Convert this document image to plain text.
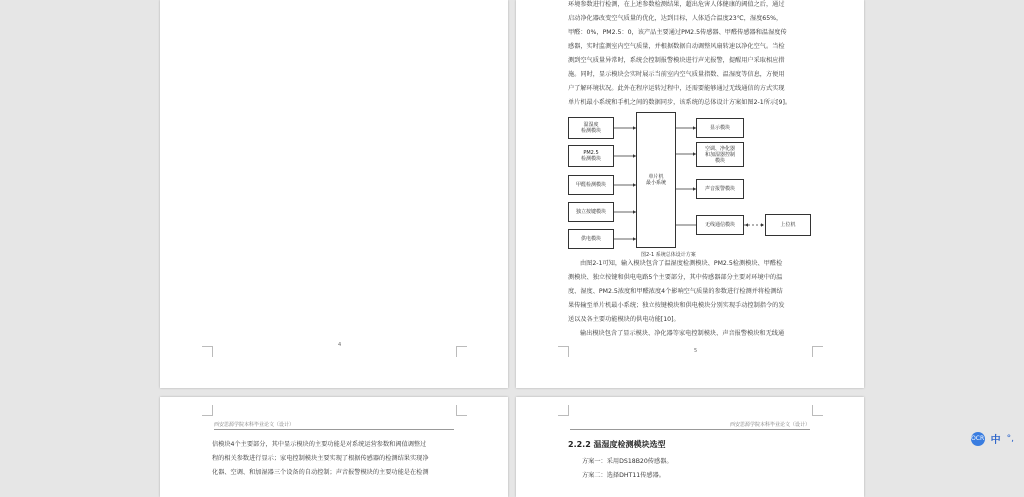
4
环境参数进行检测，在上述参数检测结果，超出危害人体健康的阈值之后，通过
启动净化器改变空气质量的优化，达到目标，人体适合温度23℃，湿度65%，
甲醛：0%，PM2.5：0，该产品主要通过PM2.5传感器、甲醛传感器和温湿度传
感器，实时监测室内空气质量，并根据数据自动调整风扇转速以净化空气。当检
测到空气质量异常时，系统会控制报警模块进行声光报警，提醒用户采取相应措
施。同时，显示模块会实时展示当前室内空气质量指数、温湿度等信息，方便用
户了解环境状况。此外在程序运转过程中，还需要能够通过无线通信的方式实现
单片机最小系统和手机之间的数据同步，该系统的总体设计方案如图2-1所示[9]。
温湿度
检测模块
PM2.5
检测模块
甲醛检测模块
独立按键模块
供电模块
单片机
最小系统
显示模块
空调、净化器
和加湿器控制
模块
声音报警模块
无线通信模块	上位机
图2-1 系统总体设计方案
由图2-1可知，输入模块包含了温湿度检测模块、PM2.5检测模块、甲醛检
测模块、独立按键和供电电路5个主要部分，其中传感器部分主要对环境中的温
度、湿度、PM2.5浓度和甲醛浓度4个影响空气质量的参数进行检测并将检测结
果传输至单片机最小系统；独立按键模块和供电模块分别实现手动控制指令的发
送以及各主要功能模块的供电功能[10]。
输出模块包含了显示模块、净化器等家电控制模块、声音报警模块和无线通
5
西安思源学院本科毕业论文（设计）
信模块4个主要部分，其中显示模块的主要功能是对系统运营参数和阈值调整过
程的相关参数进行显示；家电控制模块主要实现了根据传感器的检测结果实现净
化器、空调、和加湿器三个设备的自动控制；声音报警模块的主要功能是在检测
西安思源学院本科毕业论文（设计）
2.2.2 温湿度检测模块选型
方案一：采用DS18B20传感器。
方案二：选择DHT11传感器。
OCR 中 °,
